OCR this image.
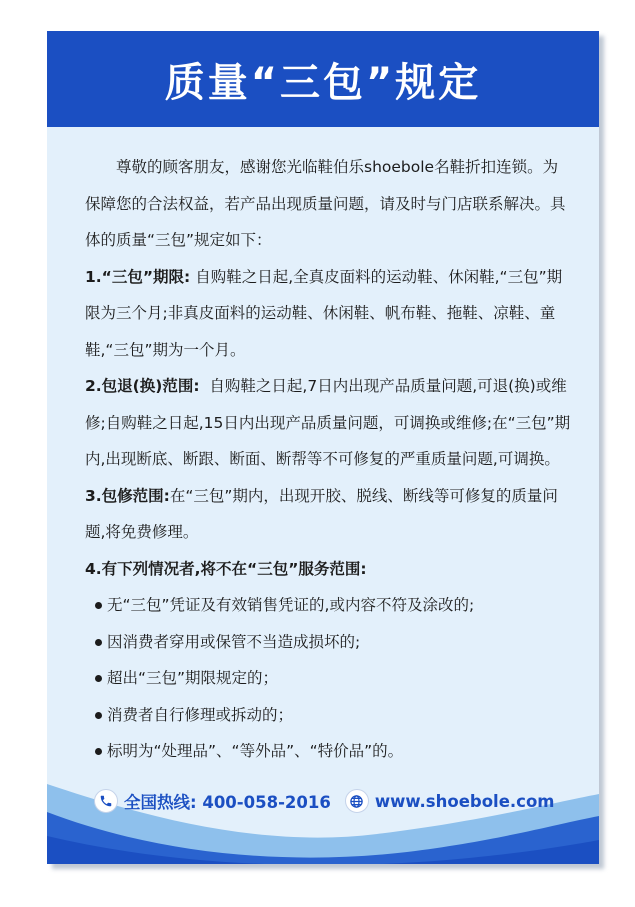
质量“三包”规定

尊敬的顾客朋友，感谢您光临鞋伯乐shoebole名鞋折扣连锁。为保障您的合法权益，若产品出现质量问题，请及时与门店联系解决。具体的质量“三包”规定如下：

1.“三包”期限: 自购鞋之日起,全真皮面料的运动鞋、休闲鞋,“三包”期限为三个月;非真皮面料的运动鞋、休闲鞋、帆布鞋、拖鞋、凉鞋、童鞋,“三包”期为一个月。

2.包退(换)范围: 自购鞋之日起,7日内出现产品质量问题,可退(换)或维修;自购鞋之日起,15日内出现产品质量问题，可调换或维修;在“三包”期内,出现断底、断跟、断面、断帮等不可修复的严重质量问题,可调换。

3.包修范围:在“三包”期内，出现开胶、脱线、断线等可修复的质量问题,将免费修理。

4.有下列情况者,将不在“三包”服务范围:

无“三包”凭证及有效销售凭证的,或内容不符及涂改的;
因消费者穿用或保管不当造成损坏的;
超出“三包”期限规定的；
消费者自行修理或拆动的；
标明为“处理品”、“等外品”、“特价品”的。
全国热线: 400-058-2016	www.shoebole.com
